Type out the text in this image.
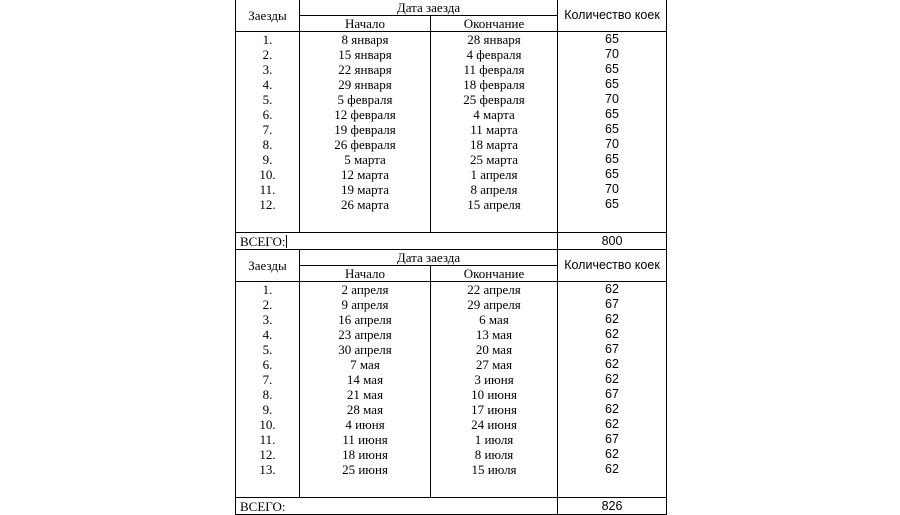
Заезды	Дата заезда		Количество коек
	Начало	Окончание	
1.	8 января	28 января	65
2.	15 января	4 февраля	70
3.	22 января	11 февраля	65
4.	29 января	18 февраля	65
5.	5 февраля	25 февраля	70
6.	12 февраля	4 марта	65
7.	19 февраля	11 марта	65
8.	26 февраля	18 марта	70
9.	5 марта	25 марта	65
10.	12 марта	1 апреля	65
11.	19 марта	8 апреля	70
12.	26 марта	15 апреля	65

ВСЕГО:			800
Заезды	Дата заезда		Количество коек
	Начало	Окончание	
1.	2 апреля	22 апреля	62
2.	9 апреля	29 апреля	67
3.	16 апреля	6 мая	62
4.	23 апреля	13 мая	62
5.	30 апреля	20 мая	67
6.	7 мая	27 мая	62
7.	14 мая	3 июня	62
8.	21 мая	10 июня	67
9.	28 мая	17 июня	62
10.	4 июня	24 июня	62
11.	11 июня	1 июля	67
12.	18 июня	8 июля	62
13.	25 июня	15 июля	62

ВСЕГО:			826
